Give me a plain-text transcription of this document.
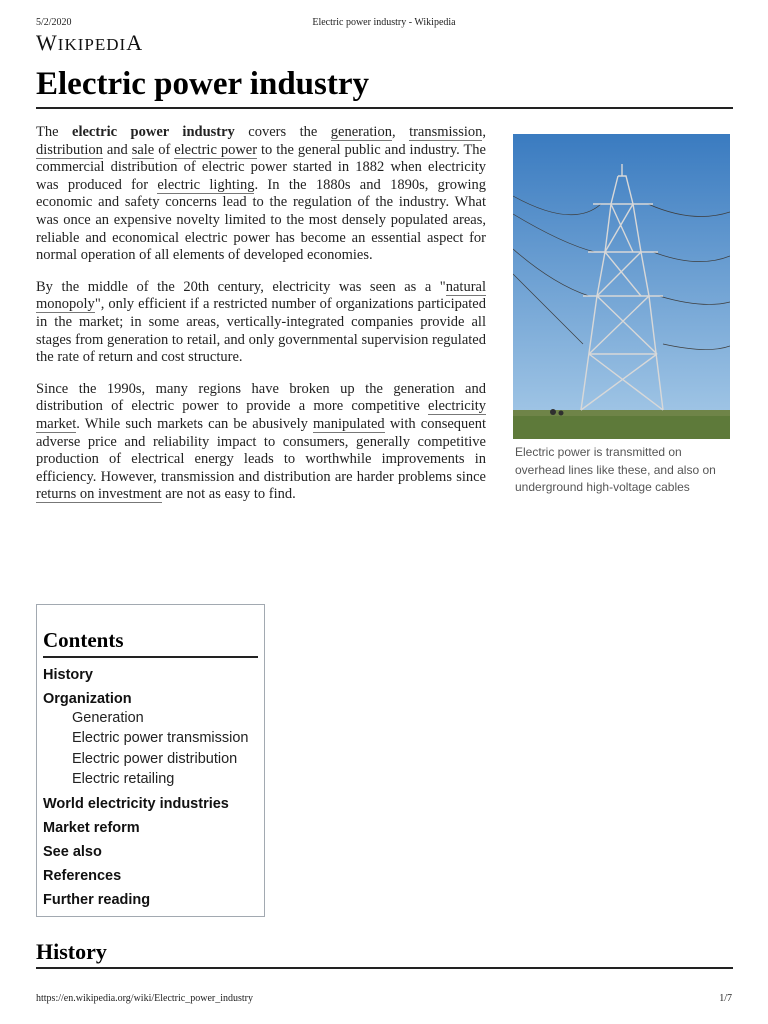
5/2/2020	Electric power industry - Wikipedia
WIKIPEDIA
Electric power industry
Electric power is transmitted on overhead lines like these, and also on underground high-voltage cables

The electric power industry covers the generation, transmission, distribution and sale of electric power to the general public and industry. The commercial distribution of electric power started in 1882 when electricity was produced for electric lighting. In the 1880s and 1890s, growing economic and safety concerns lead to the regulation of the industry. What was once an expensive novelty limited to the most densely populated areas, reliable and economical electric power has become an essential aspect for normal operation of all elements of developed economies.

By the middle of the 20th century, electricity was seen as a "natural monopoly", only efficient if a restricted number of organizations participated in the market; in some areas, vertically-integrated companies provide all stages from generation to retail, and only governmental supervision regulated the rate of return and cost structure.

Since the 1990s, many regions have broken up the generation and distribution of electric power to provide a more competitive electricity market. While such markets can be abusively manipulated with consequent adverse price and reliability impact to consumers, generally competitive production of electrical energy leads to worthwhile improvements in efficiency. However, transmission and distribution are harder problems since returns on investment are not as easy to find.

Contents
History
Organization
Generation
Electric power transmission
Electric power distribution
Electric retailing
World electricity industries
Market reform
See also
References
Further reading
History
https://en.wikipedia.org/wiki/Electric_power_industry	1/7
